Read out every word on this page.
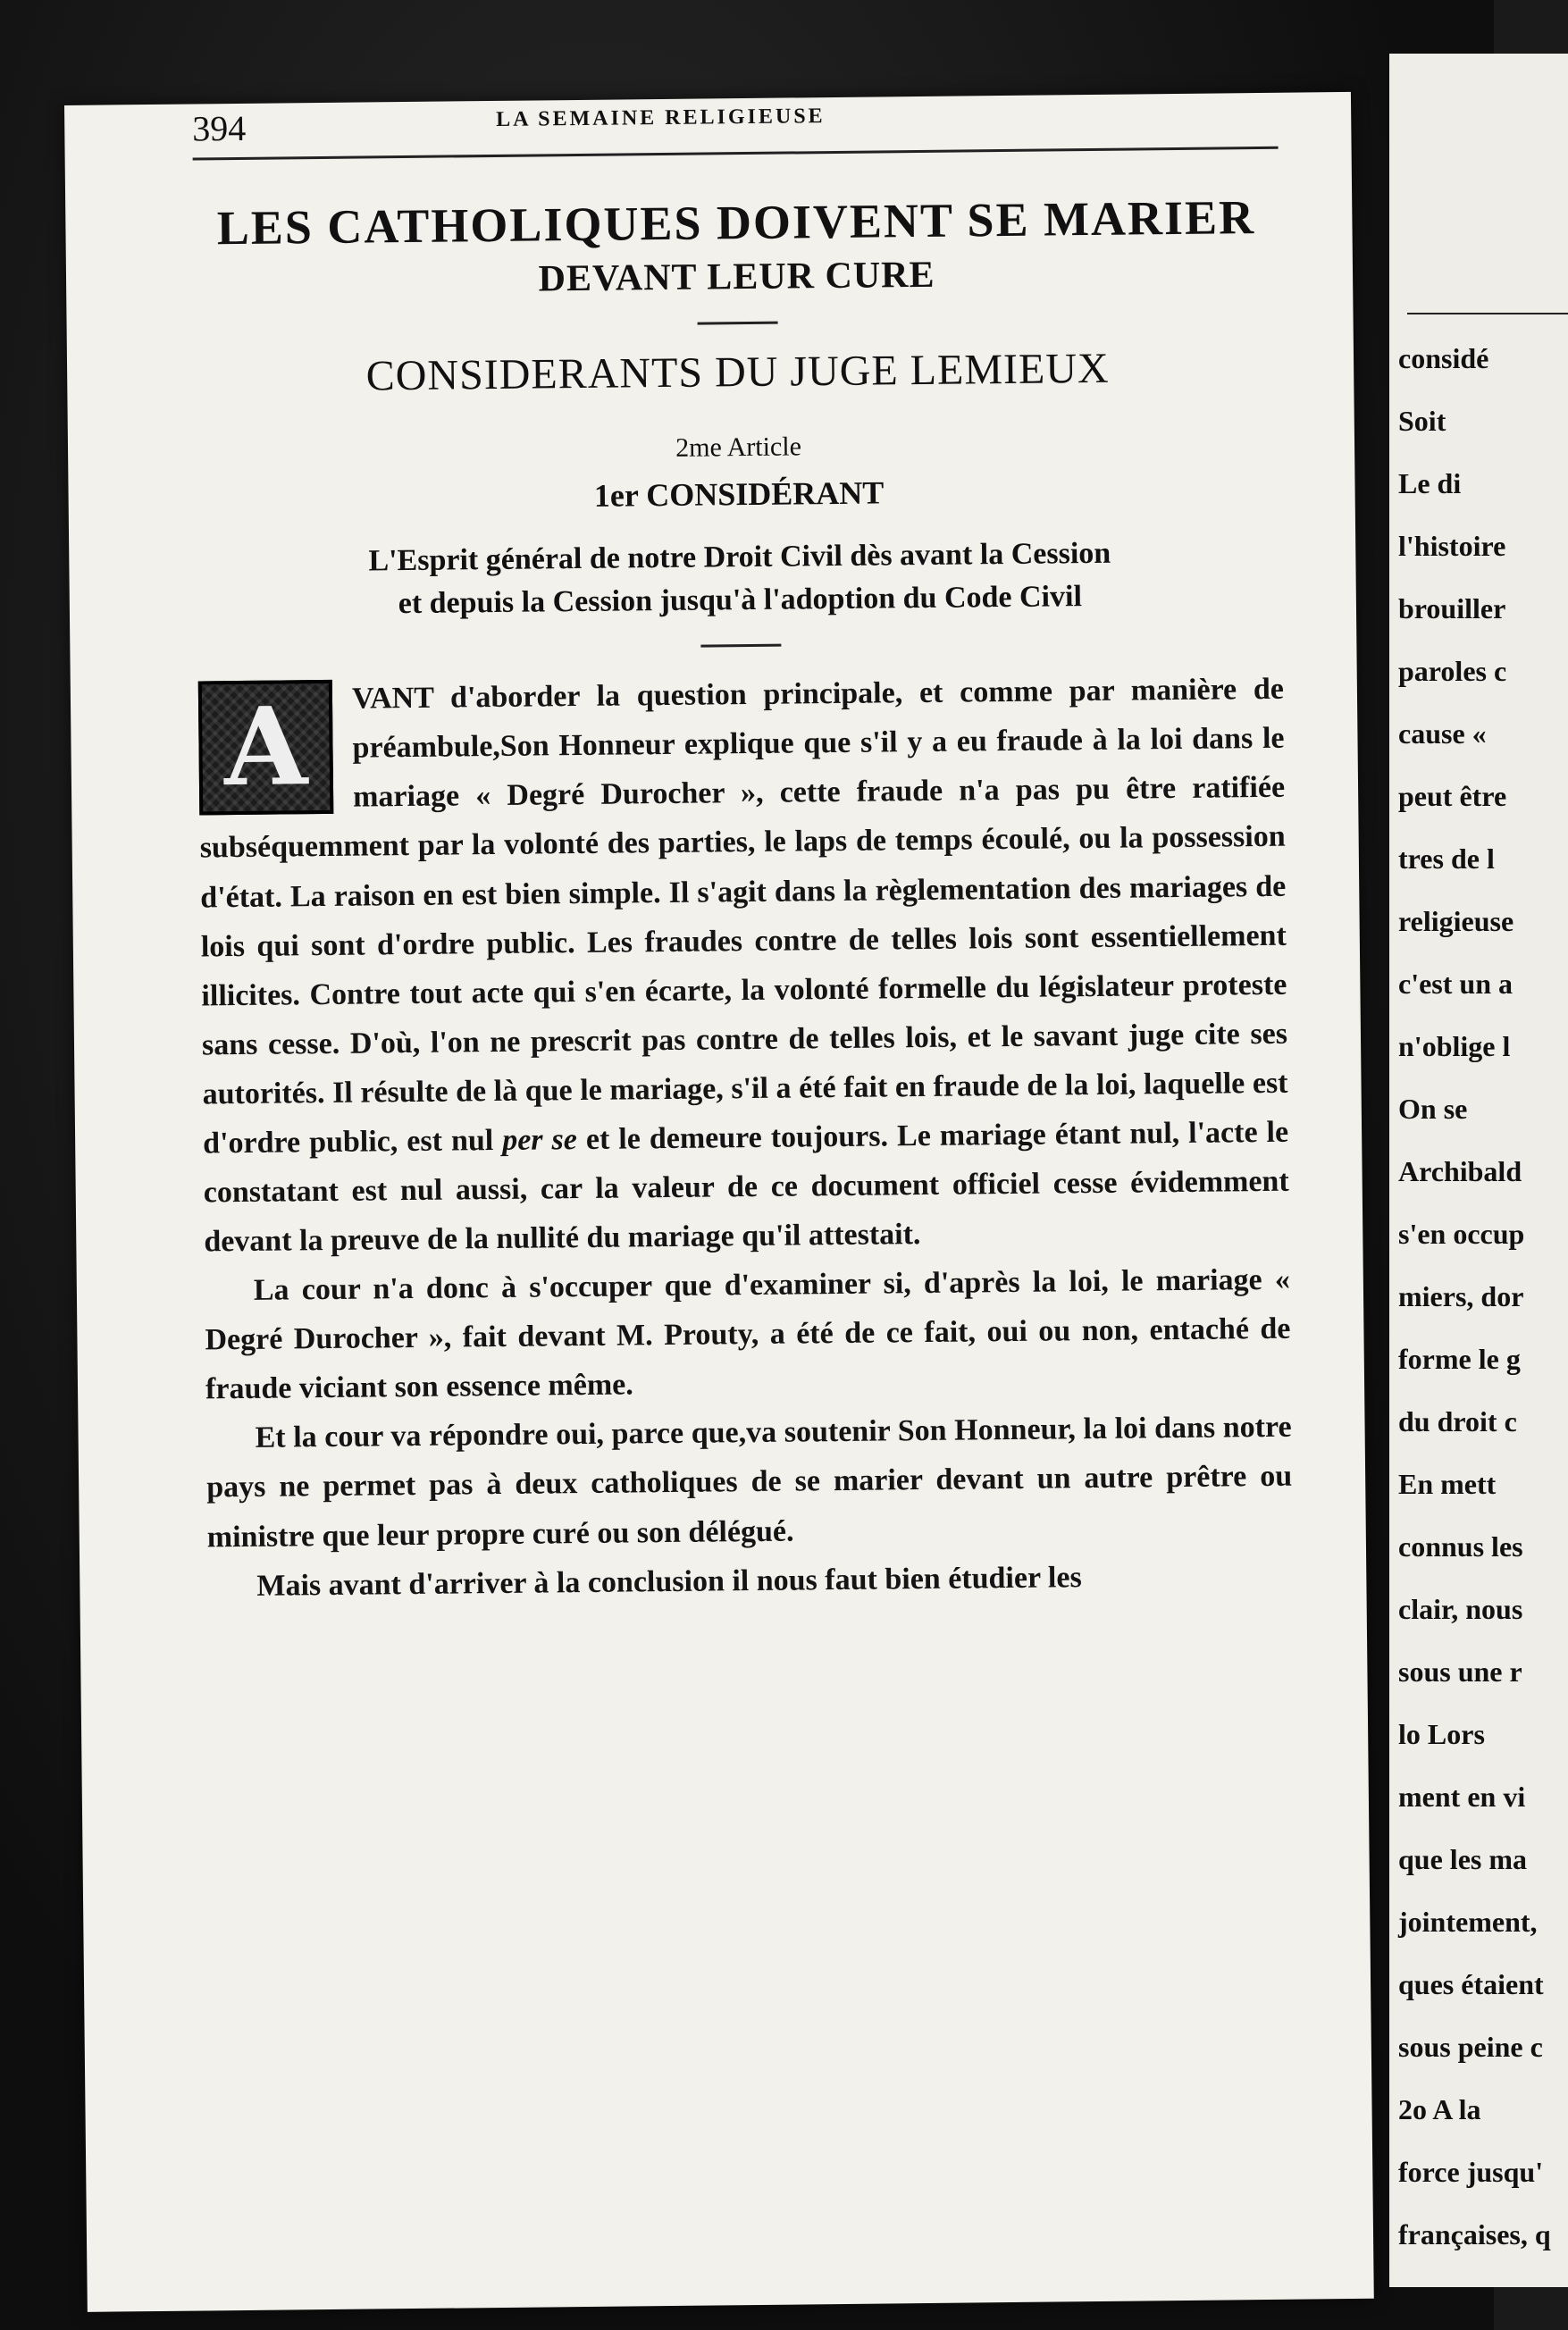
considé
Soit
Le di
l'histoire
brouiller
paroles c
cause «
peut être
tres de l
religieuse
c'est un a
n'oblige l
On se
Archibald
s'en occup
miers, dor
forme le g
du droit c
En mett
connus les
clair, nous
sous une r
lo Lors
ment en vi
que les ma
jointement,
ques étaient
sous peine c
2o A la
force jusqu'
françaises, q
394	LA SEMAINE RELIGIEUSE
LES CATHOLIQUES DOIVENT SE MARIER
DEVANT LEUR CURE
CONSIDERANTS DU JUGE LEMIEUX
2me Article
1er CONSIDÉRANT
L'Esprit général de notre Droit Civil dès avant la Cession
et depuis la Cession jusqu'à l'adoption du Code Civil

A	VANT d'aborder la question principale, et comme par manière de préambule,Son Honneur explique que s'il y a eu fraude à la loi dans le mariage « Degré Durocher », cette fraude n'a pas pu être ratifiée subséquemment par la volonté des parties, le laps de temps écoulé, ou la possession d'état. La raison en est bien simple. Il s'agit dans la règlementation des mariages de lois qui sont d'ordre public. Les fraudes contre de telles lois sont essentiellement illicites. Contre tout acte qui s'en écarte, la volonté formelle du législateur proteste sans cesse. D'où, l'on ne prescrit pas contre de telles lois, et le savant juge cite ses autorités. Il résulte de là que le mariage, s'il a été fait en fraude de la loi, laquelle est d'ordre public, est nul per se et le demeure toujours. Le mariage étant nul, l'acte le constatant est nul aussi, car la valeur de ce document officiel cesse évidemment devant la preuve de la nullité du mariage qu'il attestait.

La cour n'a donc à s'occuper que d'examiner si, d'après la loi, le mariage « Degré Durocher », fait devant M. Prouty, a été de ce fait, oui ou non, entaché de fraude viciant son essence même.

Et la cour va répondre oui, parce que,va soutenir Son Honneur, la loi dans notre pays ne permet pas à deux catholiques de se marier devant un autre prêtre ou ministre que leur propre curé ou son délégué.

Mais avant d'arriver à la conclusion il nous faut bien étudier les
